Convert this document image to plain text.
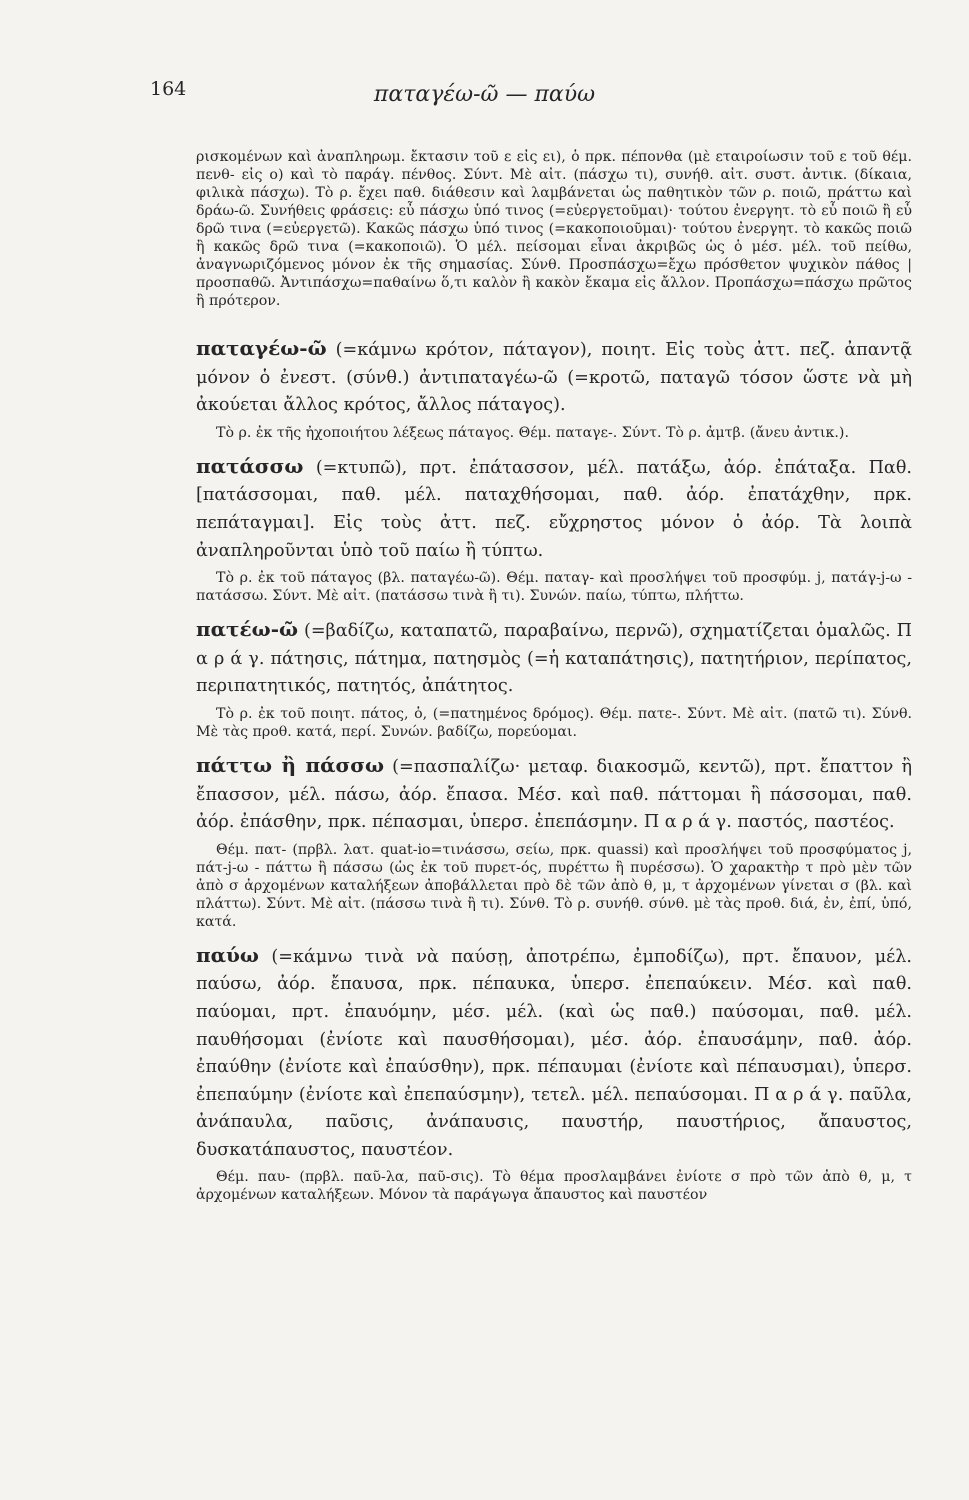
164	παταγέω-ῶ — παύω

ρισκομένων καὶ ἀναπληρωμ. ἔκτασιν τοῦ ε εἰς ει), ὁ πρκ. πέπονθα (μὲ εταιροίωσιν τοῦ ε τοῦ θέμ. πενθ- εἰς ο) καὶ τὸ παράγ. πένθος. Σύντ. Μὲ αἰτ. (πάσχω τι), συνήθ. αἰτ. συστ. ἀντικ. (δίκαια, φιλικὰ πάσχω). Τὸ ρ. ἔχει παθ. διάθεσιν καὶ λαμβάνεται ὡς παθητικὸν τῶν ρ. ποιῶ, πράττω καὶ δράω-ῶ. Συνήθεις φράσεις: εὖ πάσχω ὑπό τινος (=εὐεργετοῦμαι)· τούτου ἐνεργητ. τὸ εὖ ποιῶ ἢ εὖ δρῶ τινα (=εὐεργετῶ). Κακῶς πάσχω ὑπό τινος (=κακοποιοῦμαι)· τούτου ἐνεργητ. τὸ κακῶς ποιῶ ἢ κακῶς δρῶ τινα (=κακοποιῶ). Ὁ μέλ. πείσομαι εἶναι ἀκριβῶς ὡς ὁ μέσ. μέλ. τοῦ πείθω, ἀναγνωριζόμενος μόνον ἐκ τῆς σημασίας. Σύνθ. Προσπάσχω=ἔχω πρόσθετον ψυχικὸν πάθος | προσπαθῶ. Ἀντιπάσχω=παθαίνω ὅ,τι καλὸν ἢ κακὸν ἔκαμα εἰς ἄλλον. Προπάσχω=πάσχω πρῶτος ἢ πρότερον.

παταγέω-ῶ (=κάμνω κρότον, πάταγον), ποιητ. Εἰς τοὺς ἀττ. πεζ. ἀπαντᾷ μόνον ὁ ἐνεστ. (σύνθ.) ἀντιπαταγέω-ῶ (=κροτῶ, παταγῶ τόσον ὥστε νὰ μὴ ἀκούεται ἄλλος κρότος, ἄλλος πάταγος).

Τὸ ρ. ἐκ τῆς ἠχοποιήτου λέξεως πάταγος. Θέμ. παταγε-. Σύντ. Τὸ ρ. ἀμτβ. (ἄνευ ἀντικ.).

πατάσσω (=κτυπῶ), πρτ. ἐπάτασσον, μέλ. πατάξω, ἀόρ. ἐπάταξα. Παθ. [πατάσσομαι, παθ. μέλ. παταχθήσομαι, παθ. ἀόρ. ἐπατάχθην, πρκ. πεπάταγμαι]. Εἰς τοὺς ἀττ. πεζ. εὔχρηστος μόνον ὁ ἀόρ. Τὰ λοιπὰ ἀναπληροῦνται ὑπὸ τοῦ παίω ἢ τύπτω.

Τὸ ρ. ἐκ τοῦ πάταγος (βλ. παταγέω-ῶ). Θέμ. παταγ- καὶ προσλήψει τοῦ προσφύμ. j, πατάγ-j-ω - πατάσσω. Σύντ. Μὲ αἰτ. (πατάσσω τινὰ ἢ τι). Συνών. παίω, τύπτω, πλήττω.

πατέω-ῶ (=βαδίζω, καταπατῶ, παραβαίνω, περνῶ), σχηματίζεται ὁμαλῶς. Π α ρ ά γ. πάτησις, πάτημα, πατησμὸς (=ἡ καταπάτησις), πατητήριον, περίπατος, περιπατητικός, πατητός, ἀπάτητος.

Τὸ ρ. ἐκ τοῦ ποιητ. πάτος, ὁ, (=πατημένος δρόμος). Θέμ. πατε-. Σύντ. Μὲ αἰτ. (πατῶ τι). Σύνθ. Μὲ τὰς προθ. κατά, περί. Συνών. βαδίζω, πορεύομαι.

πάττω ἢ πάσσω (=πασπαλίζω· μεταφ. διακοσμῶ, κεντῶ), πρτ. ἔπαττον ἢ ἔπασσον, μέλ. πάσω, ἀόρ. ἔπασα. Μέσ. καὶ παθ. πάττομαι ἢ πάσσομαι, παθ. ἀόρ. ἐπάσθην, πρκ. πέπασμαι, ὑπερσ. ἐπεπάσμην. Π α ρ ά γ. παστός, παστέος.

Θέμ. πατ- (πρβλ. λατ. quat-io=τινάσσω, σείω, πρκ. quassi) καὶ προσλήψει τοῦ προσφύματος j, πάτ-j-ω - πάττω ἢ πάσσω (ὡς ἐκ τοῦ πυρετ-ός, πυρέττω ἢ πυρέσσω). Ὁ χαρακτὴρ τ πρὸ μὲν τῶν ἀπὸ σ ἀρχομένων καταλήξεων ἀποβάλλεται πρὸ δὲ τῶν ἀπὸ θ, μ, τ ἀρχομένων γίνεται σ (βλ. καὶ πλάττω). Σύντ. Μὲ αἰτ. (πάσσω τινὰ ἢ τι). Σύνθ. Τὸ ρ. συνήθ. σύνθ. μὲ τὰς προθ. διά, ἐν, ἐπί, ὑπό, κατά.

παύω (=κάμνω τινὰ νὰ παύσῃ, ἀποτρέπω, ἐμποδίζω), πρτ. ἔπαυον, μέλ. παύσω, ἀόρ. ἔπαυσα, πρκ. πέπαυκα, ὑπερσ. ἐπεπαύκειν. Μέσ. καὶ παθ. παύομαι, πρτ. ἐπαυόμην, μέσ. μέλ. (καὶ ὡς παθ.) παύσομαι, παθ. μέλ. παυθήσομαι (ἐνίοτε καὶ παυσθήσομαι), μέσ. ἀόρ. ἐπαυσάμην, παθ. ἀόρ. ἐπαύθην (ἐνίοτε καὶ ἐπαύσθην), πρκ. πέπαυμαι (ἐνίοτε καὶ πέπαυσμαι), ὑπερσ. ἐπεπαύμην (ἐνίοτε καὶ ἐπεπαύσμην), τετελ. μέλ. πεπαύσομαι. Π α ρ ά γ. παῦλα, ἀνάπαυλα, παῦσις, ἀνάπαυσις, παυστήρ, παυστήριος, ἄπαυστος, δυσκατάπαυστος, παυστέον.

Θέμ. παυ- (πρβλ. παῦ-λα, παῦ-σις). Τὸ θέμα προσλαμβάνει ἐνίοτε σ πρὸ τῶν ἀπὸ θ, μ, τ ἀρχομένων καταλήξεων. Μόνον τὰ παράγωγα ἄπαυστος καὶ παυστέον
